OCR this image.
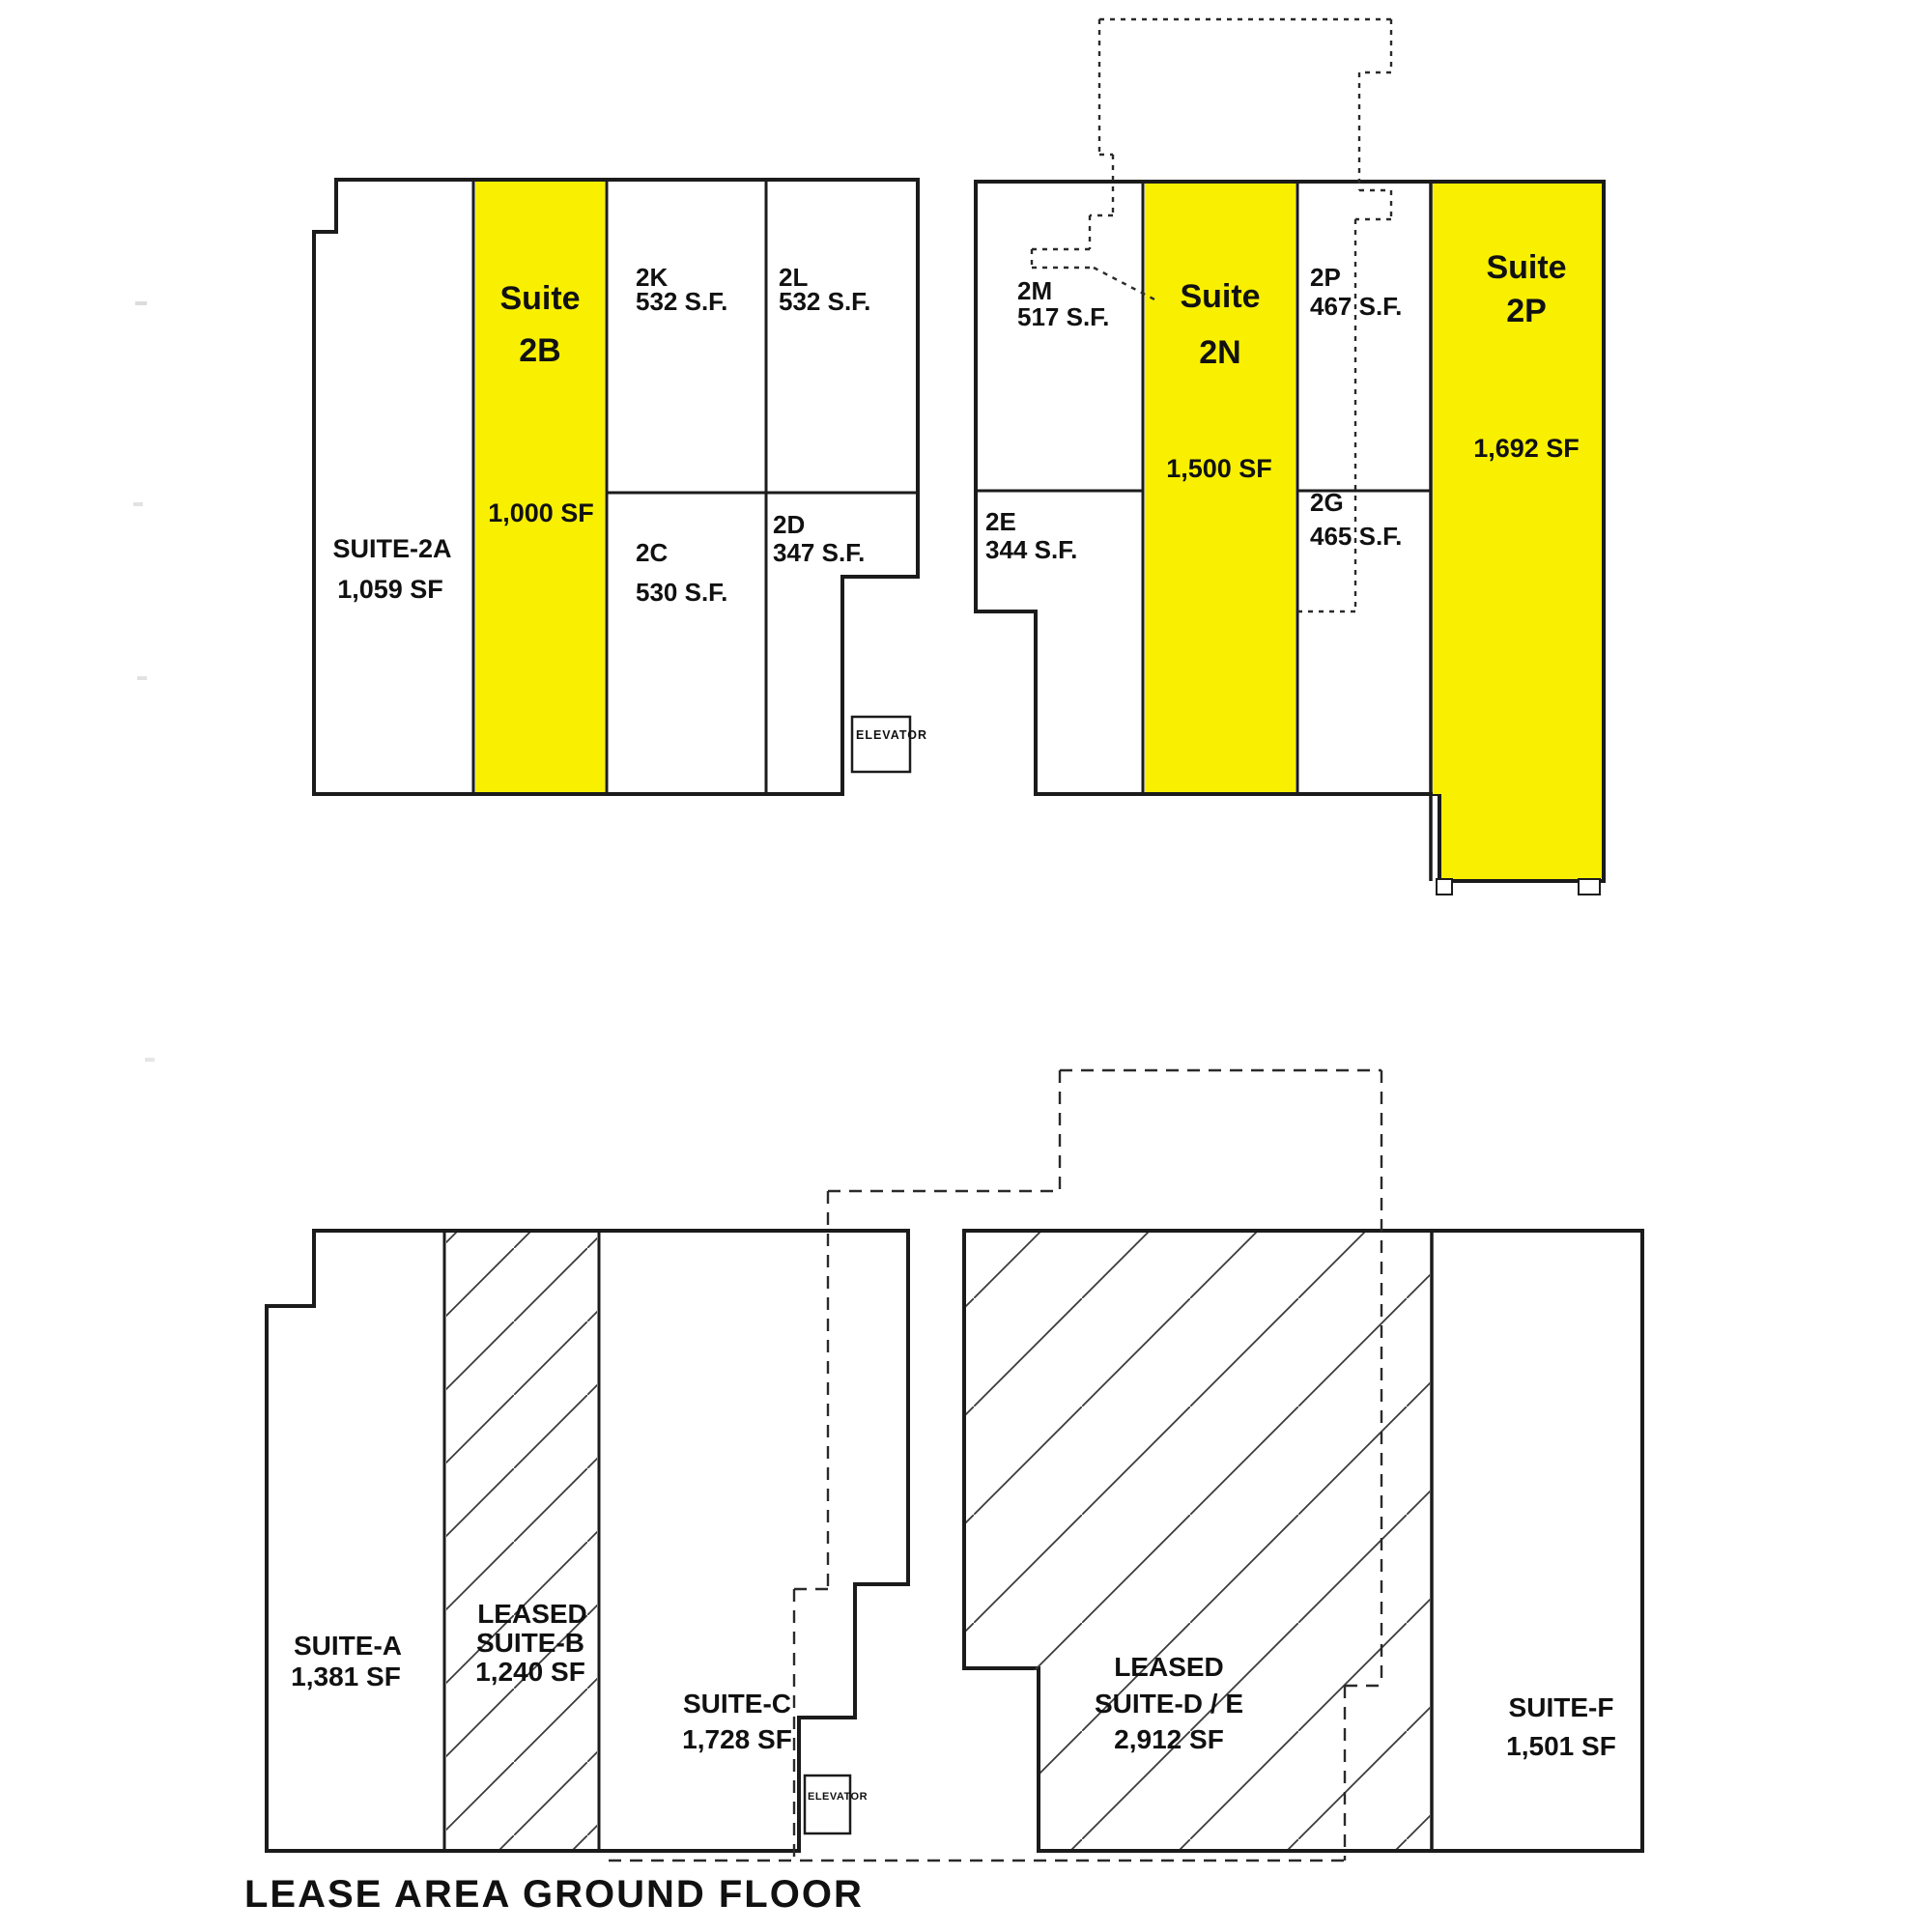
ELEVATOR
SUITE-2A
1,059 SF
Suite
2B
1,000 SF
2K
532 S.F.
2L
532 S.F.
2D
347 S.F.
2C
530 S.F.
2M
517 S.F.
Suite
2N
1,500 SF
2P
467 S.F.
2E
344 S.F.
2G
465 S.F.
Suite
2P
1,692 SF
ELEVATOR
SUITE-A
1,381 SF
LEASED
SUITE-B
1,240 SF
SUITE-C
1,728 SF
LEASED
SUITE-D / E
2,912 SF
SUITE-F
1,501 SF
LEASE AREA GROUND FLOOR
